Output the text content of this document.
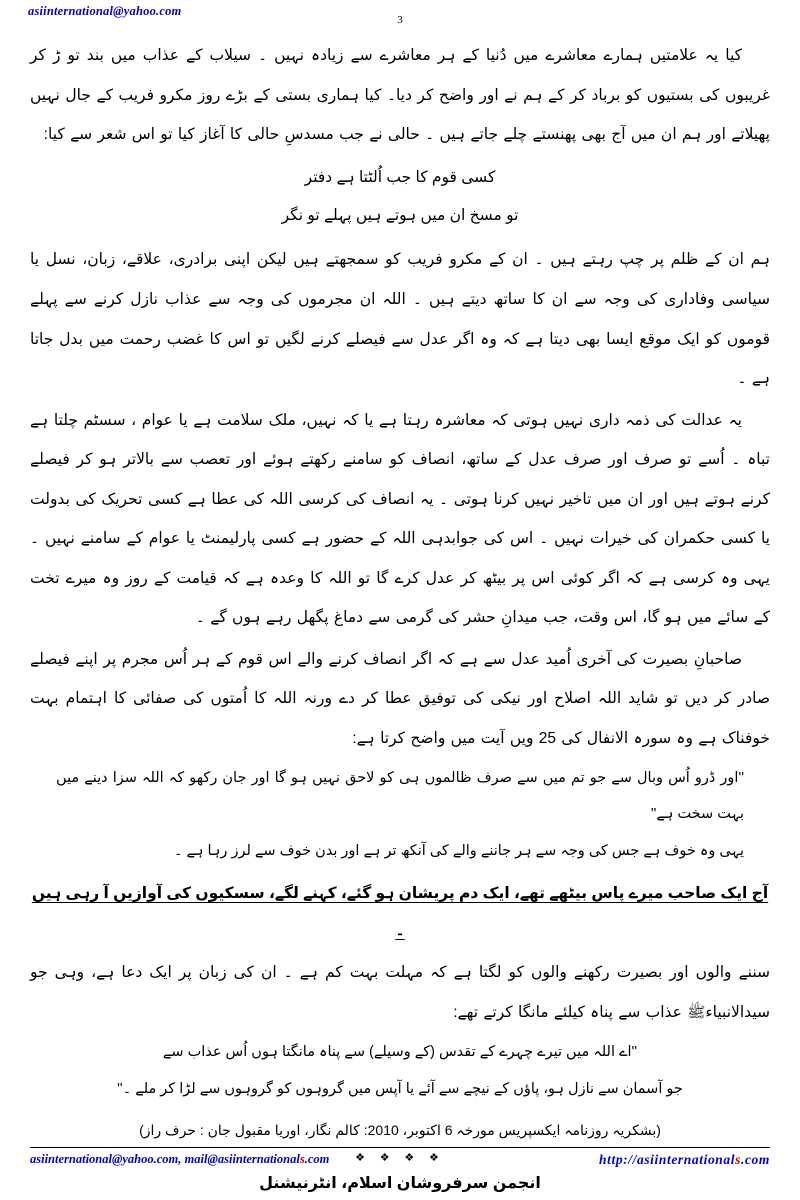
asiinternational@yahoo.com
3

کیا یہ علامتیں ہمارے معاشرے میں دُنیا کے ہر معاشرے سے زیادہ نہیں ۔ سیلاب کے عذاب میں بند تو ڑ کر غریبوں کی بستیوں کو برباد کر کے ہم نے اور واضح کر دیا۔ کیا ہماری بستی کے بڑے روز مکرو فریب کے جال نہیں پھیلاتے اور ہم ان میں آج بھی پھنستے چلے جاتے ہیں ۔ حالی نے جب مسدسِ حالی کا آغاز کیا تو اس شعر سے کیا:

کسی قوم کا جب اُلٹتا ہے دفتر
تو مسخ ان میں ہوتے ہیں پہلے تو نگر

ہم ان کے ظلم پر چپ رہتے ہیں ۔ ان کے مکرو فریب کو سمجھتے ہیں لیکن اپنی برادری، علاقے، زبان، نسل یا سیاسی وفاداری کی وجہ سے ان کا ساتھ دیتے ہیں ۔ اللہ ان مجرموں کی وجہ سے عذاب نازل کرنے سے پہلے قوموں کو ایک موقع ایسا بھی دیتا ہے کہ وہ اگر عدل سے فیصلے کرنے لگیں تو اس کا غضب رحمت میں بدل جاتا ہے ۔

یہ عدالت کی ذمہ داری نہیں ہوتی کہ معاشرہ رہتا ہے یا کہ نہیں، ملک سلامت ہے یا عوام ، سسٹم چلتا ہے تباہ ۔ اُسے تو صرف اور صرف عدل کے ساتھ، انصاف کو سامنے رکھتے ہوئے اور تعصب سے بالاتر ہو کر فیصلے کرنے ہوتے ہیں اور ان میں تاخیر نہیں کرنا ہوتی ۔ یہ انصاف کی کرسی اللہ کی عطا ہے کسی تحریک کی بدولت یا کسی حکمران کی خیرات نہیں ۔ اس کی جوابدہی اللہ کے حضور ہے کسی پارلیمنٹ یا عوام کے سامنے نہیں ۔ یہی وہ کرسی ہے کہ اگر کوئی اس پر بیٹھ کر عدل کرے گا تو اللہ کا وعدہ ہے کہ قیامت کے روز وہ میرے تخت کے سائے میں ہو گا، اس وقت، جب میدانِ حشر کی گرمی سے دماغ پگھل رہے ہوں گے ۔

صاحبانِ بصیرت کی آخری اُمید عدل سے ہے کہ اگر انصاف کرنے والے اس قوم کے ہر اُس مجرم پر اپنے فیصلے صادر کر دیں تو شاید اللہ اصلاح اور نیکی کی توفیق عطا کر دے ورنہ اللہ کا اُمتوں کی صفائی کا اہتمام بہت خوفناک ہے وہ سورہ الانفال کی 25 ویں آیت میں واضح کرتا ہے:

''اور ڈرو اُس وبال سے جو تم میں سے صرف ظالموں ہی کو لاحق نہیں ہو گا اور جان رکھو کہ اللہ سزا دینے میں بہت سخت ہے''
یہی وہ خوف ہے جس کی وجہ سے ہر جاننے والے کی آنکھ تر ہے اور بدن خوف سے لرز رہا ہے ۔

آج ایک صاحب میرے پاس بیٹھے تھے، ایک دم پریشان ہو گئے، کہنے لگے، سسکیوں کی آوازیں آ رہی ہیں ۔

سننے والوں اور بصیرت رکھنے والوں کو لگتا ہے کہ مہلت بہت کم ہے ۔ ان کی زبان پر ایک دعا ہے، وہی جو سیدالانبیاءﷺ عذاب سے پناہ کیلئے مانگا کرتے تھے:

''اے اللہ میں تیرے چہرے کے تقدس (کے وسیلے) سے پناہ مانگتا ہوں اُس عذاب سے
جو آسمان سے نازل ہو، پاؤں کے نیچے سے آئے یا آپس میں گروہوں کو گروہوں سے لڑا کر ملے ۔''

(بشکریہ روزنامہ ایکسپریس مورخہ 6 اکتوبر، 2010: کالم نگار، اوریا مقبول جان : حرف راز)

❖ ❖ ❖ ❖
انجمن سرفروشان اسلام، انٹرنیشنل
asiinternational@yahoo.com, mail@asiinternationals.com	http://asiinternationals.com
